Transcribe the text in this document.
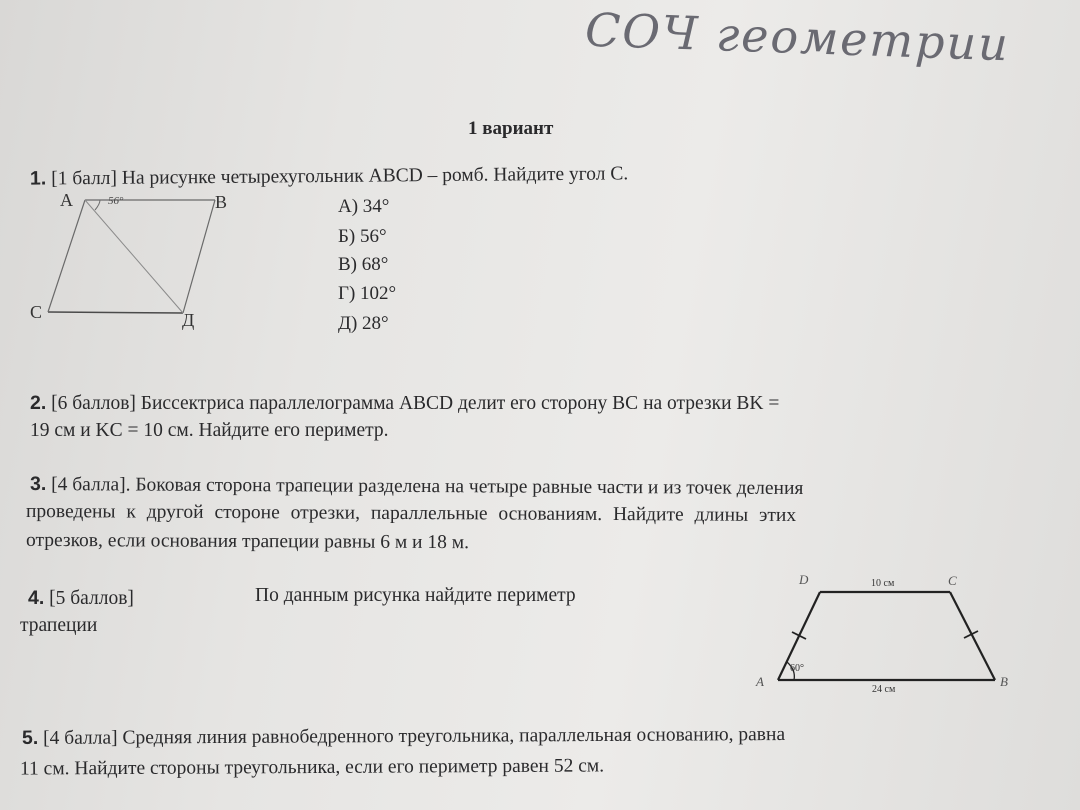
СОЧ геометрии
1 вариант
1. [1 балл] На рисунке четырехугольник ABCD – ромб. Найдите угол C.
A	56°	B
C	Д
А) 34°
Б) 56°
В) 68°
Г) 102°
Д) 28°
2. [6 баллов] Биссектриса параллелограмма ABCD делит его сторону BC на отрезки BK =
19 см и KC = 10 см. Найдите его периметр.
3. [4 балла]. Боковая сторона трапеции разделена на четыре равные части и из точек деления
проведены к другой стороне отрезки, параллельные основаниям. Найдите длины этих
отрезков, если основания трапеции равны 6 м и 18 м.
4. [5 баллов]	По данным рисунка найдите периметр
трапеции
D	10 см	C
60°
A
24 см
B
5. [4 балла] Средняя линия равнобедренного треугольника, параллельная основанию, равна
11 см. Найдите стороны треугольника, если его периметр равен 52 см.
